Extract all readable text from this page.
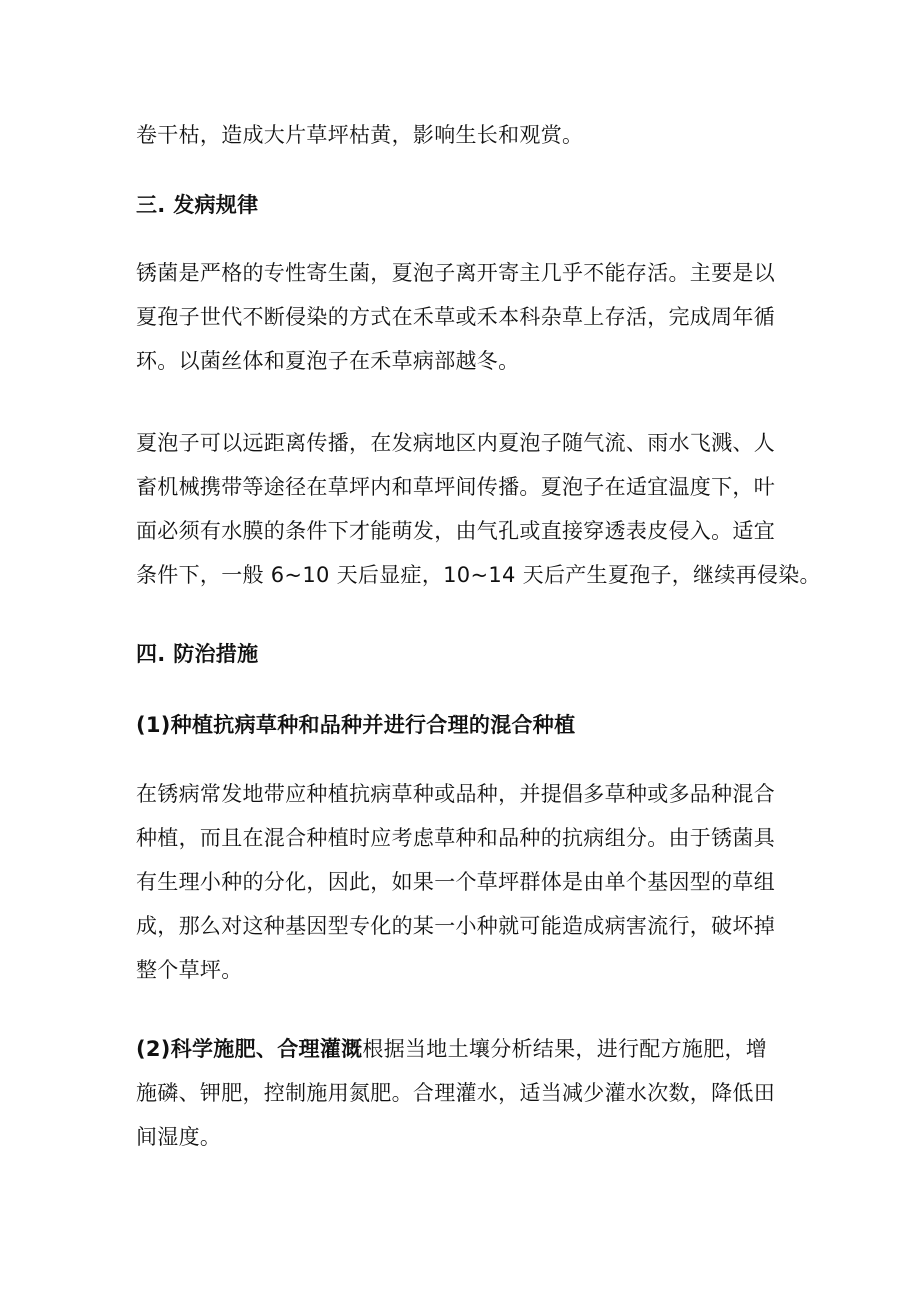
卷干枯，造成大片草坪枯黄，影响生长和观赏。
三. 发病规律
锈菌是严格的专性寄生菌，夏泡子离开寄主几乎不能存活。主要是以
夏孢子世代不断侵染的方式在禾草或禾本科杂草上存活，完成周年循
环。以菌丝体和夏泡子在禾草病部越冬。
夏泡子可以远距离传播，在发病地区内夏泡子随气流、雨水飞溅、人
畜机械携带等途径在草坪内和草坪间传播。夏泡子在适宜温度下，叶
面必须有水膜的条件下才能萌发，由气孔或直接穿透表皮侵入。适宜
条件下，一般 6~10 天后显症，10~14 天后产生夏孢子，继续再侵染。
四. 防治措施
(1)种植抗病草种和品种并进行合理的混合种植
在锈病常发地带应种植抗病草种或品种，并提倡多草种或多品种混合
种植，而且在混合种植时应考虑草种和品种的抗病组分。由于锈菌具
有生理小种的分化，因此，如果一个草坪群体是由单个基因型的草组
成，那么对这种基因型专化的某一小种就可能造成病害流行，破坏掉
整个草坪。
(2)科学施肥、合理灌溉根据当地土壤分析结果，进行配方施肥，增
施磷、钾肥，控制施用氮肥。合理灌水，适当减少灌水次数，降低田
间湿度。
